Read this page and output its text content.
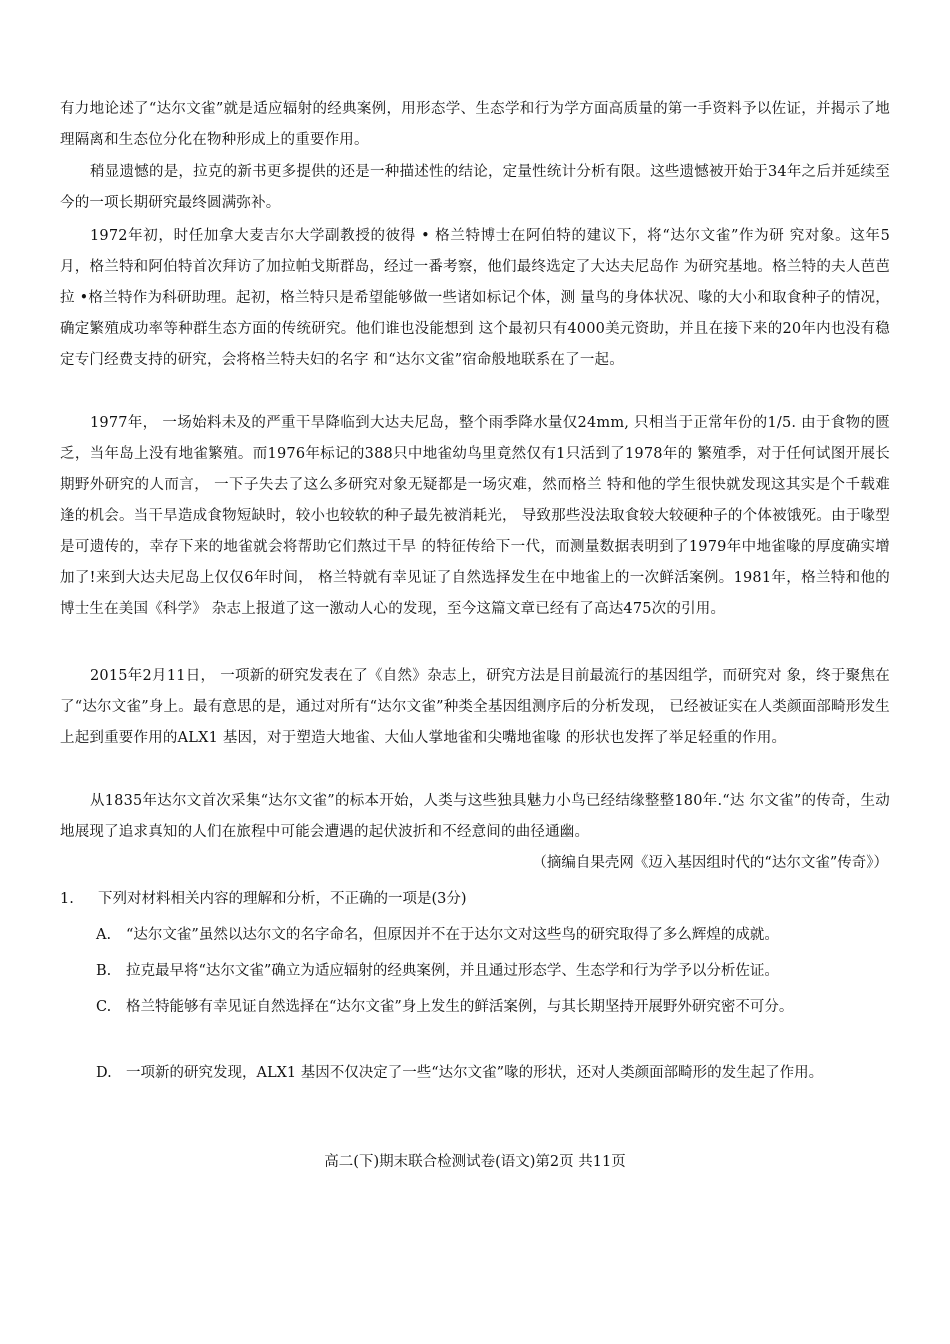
有力地论述了“达尔文雀”就是适应辐射的经典案例，用形态学、生态学和行为学方面高质量的第一手资料予以佐证，并揭示了地理隔离和生态位分化在物种形成上的重要作用。
稍显遗憾的是，拉克的新书更多提供的还是一种描述性的结论，定量性统计分析有限。这些遗憾被开始于34年之后并延续至今的一项长期研究最终圆满弥补。
1972年初，时任加拿大麦吉尔大学副教授的彼得 • 格兰特博士在阿伯特的建议下，将“达尔文雀”作为研 究对象。这年5月，格兰特和阿伯特首次拜访了加拉帕戈斯群岛，经过一番考察，他们最终选定了大达夫尼岛作 为研究基地。格兰特的夫人芭芭拉 •格兰特作为科研助理。起初，格兰特只是希望能够做一些诸如标记个体，测 量鸟的身体状况、喙的大小和取食种子的情况，确定繁殖成功率等种群生态方面的传统研究。他们谁也没能想到 这个最初只有4000美元资助，并且在接下来的20年内也没有稳定专门经费支持的研究，会将格兰特夫妇的名字 和“达尔文雀”宿命般地联系在了一起。
1977年， 一场始料未及的严重干旱降临到大达夫尼岛，整个雨季降水量仅24mm, 只相当于正常年份的1/5. 由于食物的匮乏，当年岛上没有地雀繁殖。而1976年标记的388只中地雀幼鸟里竟然仅有1只活到了1978年的 繁殖季，对于任何试图开展长期野外研究的人而言， 一下子失去了这么多研究对象无疑都是一场灾难，然而格兰 特和他的学生很快就发现这其实是个千载难逢的机会。当干旱造成食物短缺时，较小也较软的种子最先被消耗光， 导致那些没法取食较大较硬种子的个体被饿死。由于喙型是可遗传的，幸存下来的地雀就会将帮助它们熬过干旱 的特征传给下一代，而测量数据表明到了1979年中地雀喙的厚度确实增加了!来到大达夫尼岛上仅仅6年时间， 格兰特就有幸见证了自然选择发生在中地雀上的一次鲜活案例。1981年，格兰特和他的博士生在美国《科学》 杂志上报道了这一激动人心的发现，至今这篇文章已经有了高达475次的引用。
2015年2月11日， 一项新的研究发表在了《自然》杂志上，研究方法是目前最流行的基因组学，而研究对 象，终于聚焦在了“达尔文雀”身上。最有意思的是，通过对所有“达尔文雀”种类全基因组测序后的分析发现， 已经被证实在人类颜面部畸形发生上起到重要作用的ALX1 基因，对于塑造大地雀、大仙人掌地雀和尖嘴地雀喙 的形状也发挥了举足轻重的作用。
从1835年达尔文首次采集“达尔文雀”的标本开始，人类与这些独具魅力小鸟已经结缘整整180年.“达 尔文雀”的传奇，生动地展现了追求真知的人们在旅程中可能会遭遇的起伏波折和不经意间的曲径通幽。
（摘编自果壳网《迈入基因组时代的“达尔文雀”传奇》）
1. 下列对材料相关内容的理解和分析，不正确的一项是(3分)
A.	“达尔文雀”虽然以达尔文的名字命名，但原因并不在于达尔文对这些鸟的研究取得了多么辉煌的成就。
B.	拉克最早将“达尔文雀”确立为适应辐射的经典案例，并且通过形态学、生态学和行为学予以分析佐证。
C.	格兰特能够有幸见证自然选择在“达尔文雀”身上发生的鲜活案例，与其长期坚持开展野外研究密不可分。
D. 一项新的研究发现，ALX1 基因不仅决定了一些“达尔文雀”喙的形状，还对人类颜面部畸形的发生起了作用。
高二(下)期末联合检测试卷(语文)第2页 共11页
